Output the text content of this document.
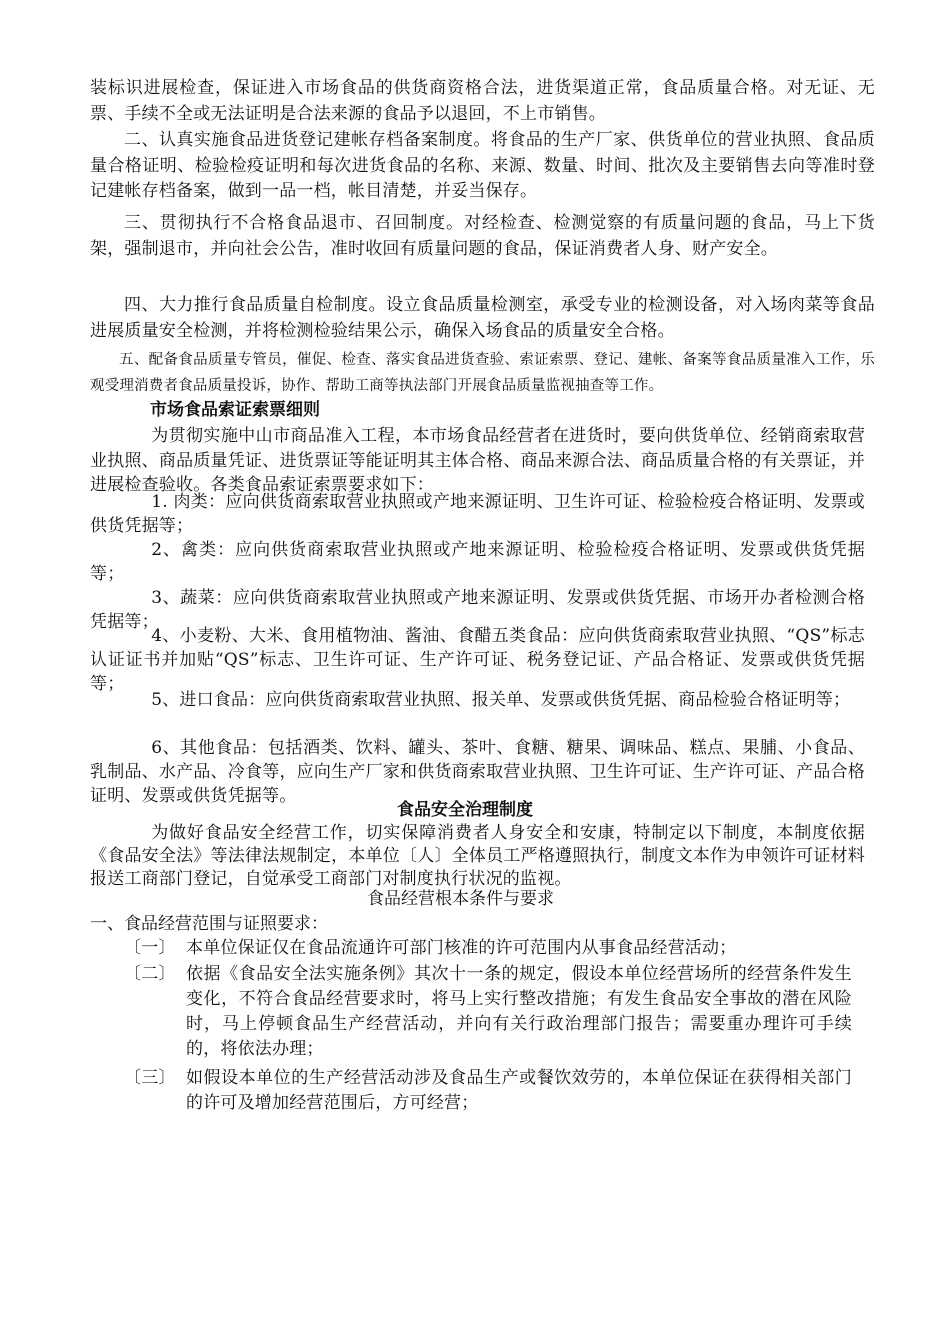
装标识进展检查，保证进入市场食品的供货商资格合法，进货渠道正常，食品质量合格。对无证、无票、手续不全或无法证明是合法来源的食品予以退回，不上市销售。

二、认真实施食品进货登记建帐存档备案制度。将食品的生产厂家、供货单位的营业执照、食品质量合格证明、检验检疫证明和每次进货食品的名称、来源、数量、时间、批次及主要销售去向等准时登记建帐存档备案，做到一品一档，帐目清楚，并妥当保存。

三、贯彻执行不合格食品退市、召回制度。对经检查、检测觉察的有质量问题的食品，马上下货架，强制退市，并向社会公告，准时收回有质量问题的食品，保证消费者人身、财产安全。

四、大力推行食品质量自检制度。设立食品质量检测室，承受专业的检测设备，对入场肉菜等食品进展质量安全检测，并将检测检验结果公示，确保入场食品的质量安全合格。

五、配备食品质量专管员，催促、检查、落实食品进货查验、索证索票、登记、建帐、备案等食品质量准入工作，乐观受理消费者食品质量投诉，协作、帮助工商等执法部门开展食品质量监视抽查等工作。

市场食品索证索票细则

为贯彻实施中山市商品准入工程，本市场食品经营者在进货时，要向供货单位、经销商索取营业执照、商品质量凭证、进货票证等能证明其主体合格、商品来源合法、商品质量合格的有关票证，并进展检查验收。各类食品索证索票要求如下：

1. 肉类：应向供货商索取营业执照或产地来源证明、卫生许可证、检验检疫合格证明、发票或供货凭据等；

2、禽类：应向供货商索取营业执照或产地来源证明、检验检疫合格证明、发票或供货凭据等；

3、蔬菜：应向供货商索取营业执照或产地来源证明、发票或供货凭据、市场开办者检测合格凭据等；

4、小麦粉、大米、食用植物油、酱油、食醋五类食品：应向供货商索取营业执照、“QS”标志认证证书并加贴“QS”标志、卫生许可证、生产许可证、税务登记证、产品合格证、发票或供货凭据等；

5、进口食品：应向供货商索取营业执照、报关单、发票或供货凭据、商品检验合格证明等；

6、其他食品：包括酒类、饮料、罐头、茶叶、食糖、糖果、调味品、糕点、果脯、小食品、乳制品、水产品、冷食等，应向生产厂家和供货商索取营业执照、卫生许可证、生产许可证、产品合格证明、发票或供货凭据等。

食品安全治理制度

为做好食品安全经营工作，切实保障消费者人身安全和安康，特制定以下制度，本制度依据《食品安全法》等法律法规制定，本单位〔人〕全体员工严格遵照执行，制度文本作为申领许可证材料报送工商部门登记，自觉承受工商部门对制度执行状况的监视。

食品经营根本条件与要求

一、食品经营范围与证照要求：

〔一〕 本单位保证仅在食品流通许可部门核准的许可范围内从事食品经营活动；
〔二〕 依据《食品安全法实施条例》其次十一条的规定，假设本单位经营场所的经营条件发生变化，不符合食品经营要求时，将马上实行整改措施；有发生食品安全事故的潜在风险时，马上停顿食品生产经营活动，并向有关行政治理部门报告；需要重办理许可手续的，将依法办理；
〔三〕 如假设本单位的生产经营活动涉及食品生产或餐饮效劳的，本单位保证在获得相关部门的许可及增加经营范围后，方可经营；
